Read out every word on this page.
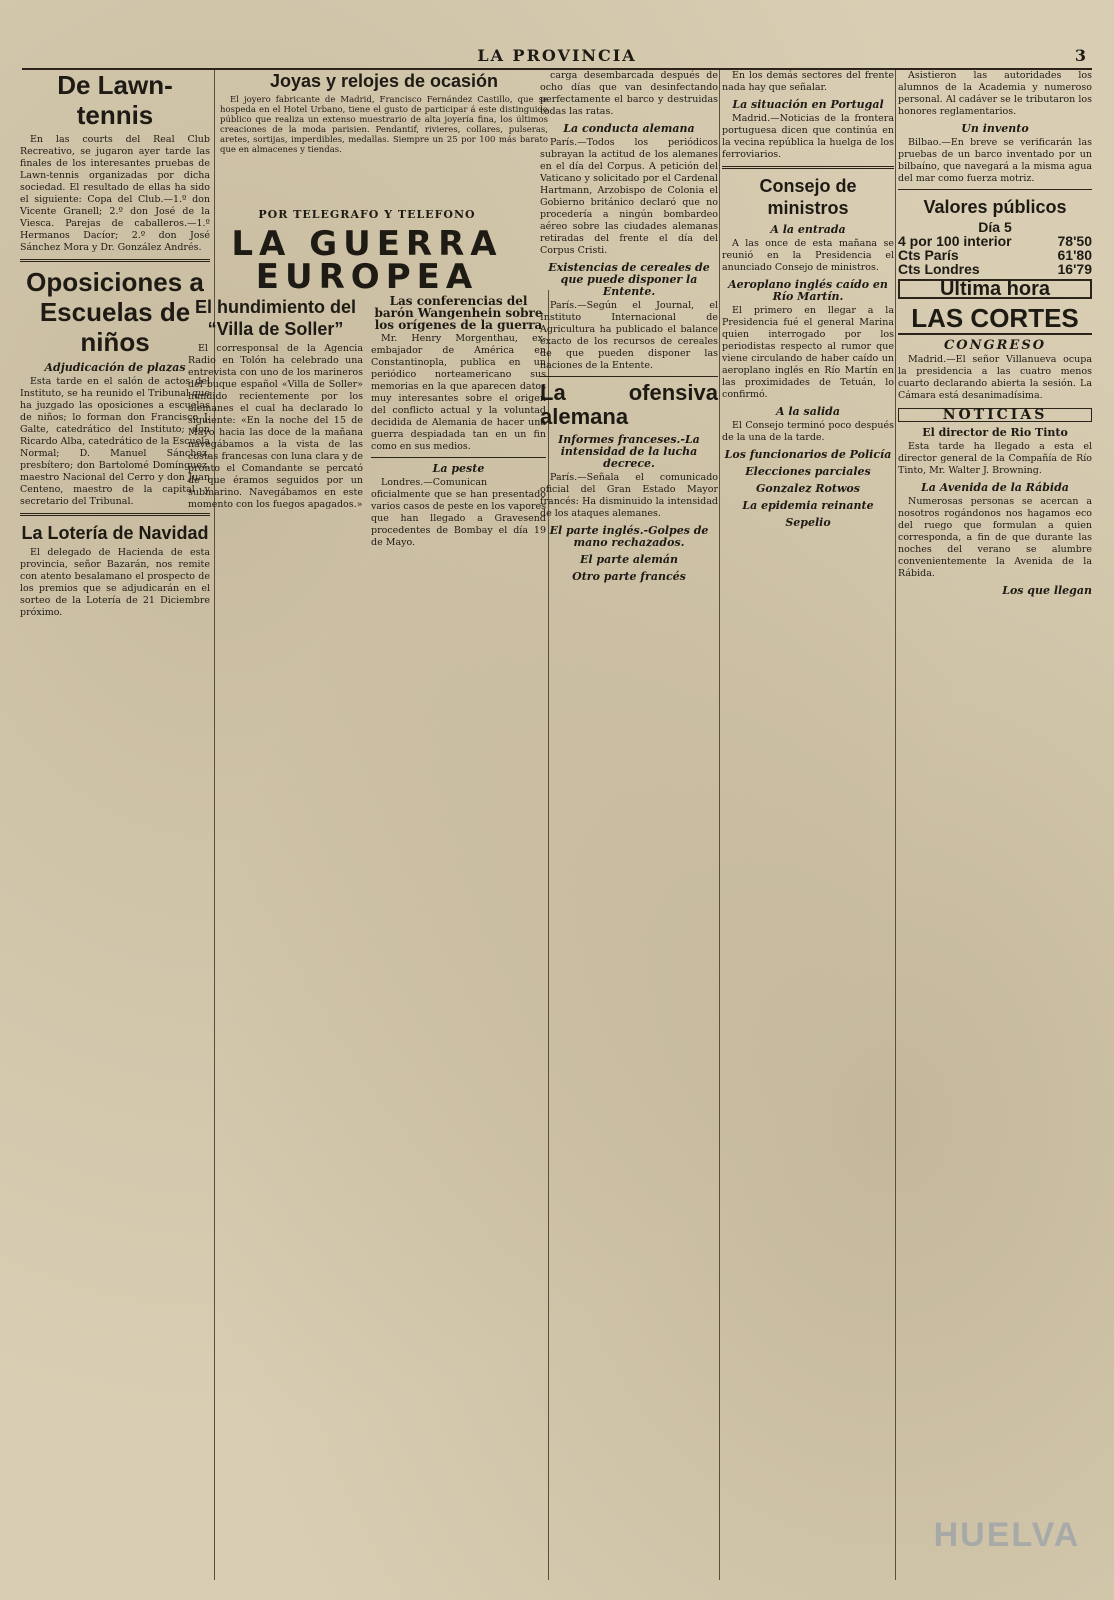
LA PROVINCIA	3
De Lawn-tennis

En las courts del Real Club Recreativo, se jugaron ayer tarde las finales de los interesantes pruebas de Lawn-tennis organizadas por dicha sociedad. El resultado de ellas ha sido el siguiente: Copa del Club.—1.º don Vicente Granell; 2.º don José de la Viesca. Parejas de caballeros.—1.º Hermanos Dacíor; 2.º don José Sánchez Mora y Dr. González Andrés.

Oposiciones a Escuelas de niños
Adjudicación de plazas

Esta tarde en el salón de actos del Instituto, se ha reunido el Tribunal que ha juzgado las oposiciones a escuelas de niños; lo forman don Francisco J. Galte, catedrático del Instituto; don Ricardo Alba, catedrático de la Escuela Normal; D. Manuel Sánchez, presbítero; don Bartolomé Domínguez, maestro Nacional del Cerro y don Juan Centeno, maestro de la capital y secretario del Tribunal.

La Lotería de Navidad

El delegado de Hacienda de esta provincia, señor Bazarán, nos remite con atento besalamano el prospecto de los premios que se adjudicarán en el sorteo de la Lotería de 21 Diciembre próximo.

Joyas y relojes de ocasión

El joyero fabricante de Madrid, Francisco Fernández Castillo, que se hospeda en el Hotel Urbano, tiene el gusto de participar á este distinguido público que realiza un extenso muestrario de alta joyería fina, los últimos creaciones de la moda parisien. Pendantif, rivieres, collares, pulseras, aretes, sortijas, imperdibles, medallas. Siempre un 25 por 100 más barato que en almacenes y tiendas.

POR TELEGRAFO Y TELEFONO
LA GUERRA
EUROPEA
El hundimiento del “Villa de Soller”

El corresponsal de la Agencia Radio en Tolón ha celebrado una entrevista con uno de los marineros del buque español «Villa de Soller» hundido recientemente por los alemanes el cual ha declarado lo siguiente: «En la noche del 15 de Mayo hacia las doce de la mañana navegábamos a la vista de las costas francesas con luna clara y de pronto el Comandante se percató de que éramos seguidos por un submarino. Navegábamos en este momento con los fuegos apagados.»

Las conferencias del barón Wangenhein sobre los orígenes de la guerra

Mr. Henry Morgenthau, ex-embajador de América en Constantinopla, publica en un periódico norteamericano sus memorias en la que aparecen datos muy interesantes sobre el origen del conflicto actual y la voluntad decidida de Alemania de hacer una guerra despiadada tan en un fin como en sus medios.

La peste

Londres.—Comunican oficialmente que se han presentado varios casos de peste en los vapores que han llegado a Gravesend procedentes de Bombay el día 19 de Mayo.

carga desembarcada después de ocho días que van desinfectando perfectamente el barco y destruidas todas las ratas.

La conducta alemana

París.—Todos los periódicos subrayan la actitud de los alemanes en el día del Corpus. A petición del Vaticano y solicitado por el Cardenal Hartmann, Arzobispo de Colonia el Gobierno británico declaró que no procedería a ningún bombardeo aéreo sobre las ciudades alemanas retiradas del frente el día del Corpus Cristi.

Existencias de cereales de que puede disponer la Entente.

París.—Según el Journal, el Instituto Internacional de Agricultura ha publicado el balance exacto de los recursos de cereales de que pueden disponer las naciones de la Entente.

La ofensiva alemana
Informes franceses.-La intensidad de la lucha decrece.

París.—Señala el comunicado oficial del Gran Estado Mayor francés: Ha disminuido la intensidad de los ataques alemanes.

El parte inglés.-Golpes de mano rechazados.
El parte alemán
Otro parte francés

En los demás sectores del frente nada hay que señalar.

La situación en Portugal

Madrid.—Noticias de la frontera portuguesa dicen que continúa en la vecina república la huelga de los ferroviarios.

Consejo de ministros
A la entrada

A las once de esta mañana se reunió en la Presidencia el anunciado Consejo de ministros.

Aeroplano inglés caído en Río Martín.

El primero en llegar a la Presidencia fué el general Marina quien interrogado por los periodistas respecto al rumor que viene circulando de haber caído un aeroplano inglés en Río Martín en las proximidades de Tetuán, lo confirmó.

A la salida

El Consejo terminó poco después de la una de la tarde.

Los funcionarios de Policía
Elecciones parciales
Gonzalez Rotwos
La epidemia reinante
Sepelio

Asistieron las autoridades los alumnos de la Academia y numeroso personal. Al cadáver se le tributaron los honores reglamentarios.

Un invento

Bilbao.—En breve se verificarán las pruebas de un barco inventado por un bilbaíno, que navegará a la misma agua del mar como fuerza motriz.

Valores públicos
Día 5
4 por 100 interior	78'50
Cts París	61'80
Cts Londres	16'79
Ultima hora
LAS CORTES
CONGRESO

Madrid.—El señor Villanueva ocupa la presidencia a las cuatro menos cuarto declarando abierta la sesión. La Cámara está desanimadísima.

NOTICIAS
El director de Rio Tinto

Esta tarde ha llegado a esta el director general de la Compañía de Río Tinto, Mr. Walter J. Browning.

La Avenida de la Rábida

Numerosas personas se acercan a nosotros rogándonos nos hagamos eco del ruego que formulan a quien corresponda, a fin de que durante las noches del verano se alumbre convenientemente la Avenida de la Rábida.

Los que llegan
HUELVA
